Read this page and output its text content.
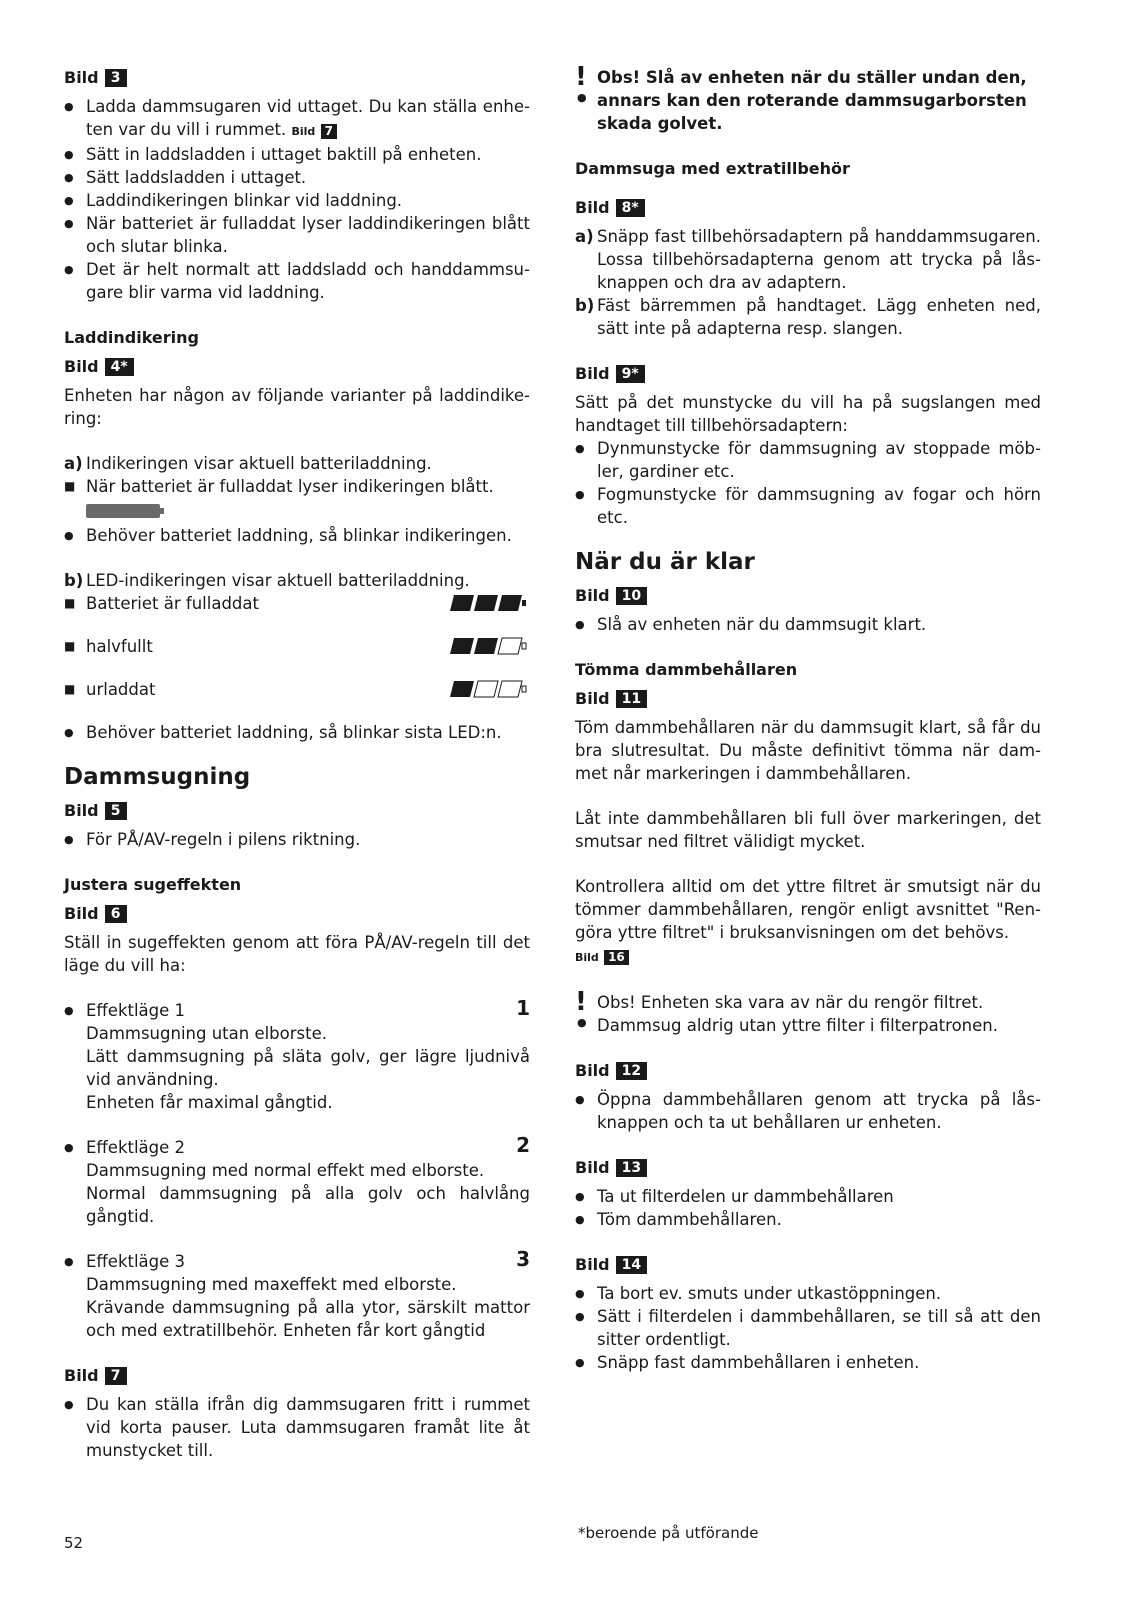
Bild 3
● Ladda dammsugaren vid uttaget. Du kan ställa enheten var du vill i rummet. Bild 7
● Sätt in laddsladden i uttaget baktill på enheten.
● Sätt laddsladden i uttaget.
● Laddindikeringen blinkar vid laddning.
● När batteriet är fulladdat lyser laddindikeringen blått och slutar blinka.
● Det är helt normalt att laddsladd och handdammsugare blir varma vid laddning.
Laddindikering
Bild 4*

Enheten har någon av följande varianter på laddindikering:

a) Indikeringen visar aktuell batteriladdning.
■ När batteriet är fulladdat lyser indikeringen blått.
● Behöver batteriet laddning, så blinkar indikeringen.
b) LED-indikeringen visar aktuell batteriladdning.
■ Batteriet är fulladdat
■ halvfullt
■ urladdat
● Behöver batteriet laddning, så blinkar sista LED:n.
Dammsugning
Bild 5
● För PÅ/AV-regeln i pilens riktning.
Justera sugeffekten
Bild 6

Ställ in sugeffekten genom att föra PÅ/AV-regeln till det läge du vill ha:

● 1
Effektläge 1
Dammsugning utan elborste.
Lätt dammsugning på släta golv, ger lägre ljudnivå vid användning.
Enheten får maximal gångtid.
● 2
Effektläge 2
Dammsugning med normal effekt med elborste.
Normal dammsugning på alla golv och halvlång gångtid.
● 3
Effektläge 3
Dammsugning med maxeffekt med elborste.
Krävande dammsugning på alla ytor, särskilt mattor och med extratillbehör. Enheten får kort gångtid
Bild 7
● Du kan ställa ifrån dig dammsugaren fritt i rummet vid korta pauser. Luta dammsugaren framåt lite åt munstycket till.
!
●

Obs! Slå av enheten när du ställer undan den, annars kan den roterande dammsugarborsten skada golvet.

Dammsuga med extratillbehör
Bild 8*
a) Snäpp fast tillbehörsadaptern på handdammsugaren. Lossa tillbehörsadapterna genom att trycka på låsknappen och dra av adaptern.

b) Fäst bärremmen på handtaget. Lägg enheten ned, sätt inte på adapterna resp. slangen.

Bild 9*

Sätt på det munstycke du vill ha på sugslangen med handtaget till tillbehörsadaptern:

● Dynmunstycke för dammsugning av stoppade möbler, gardiner etc.
● Fogmunstycke för dammsugning av fogar och hörn etc.
När du är klar
Bild 10
● Slå av enheten när du dammsugit klart.
Tömma dammbehållaren
Bild 11

Töm dammbehållaren när du dammsugit klart, så får du bra slutresultat. Du måste definitivt tömma när dammet når markeringen i dammbehållaren.

Låt inte dammbehållaren bli full över markeringen, det smutsar ned filtret välidigt mycket.

Kontrollera alltid om det yttre filtret är smutsigt när du tömmer dammbehållaren, rengör enligt avsnittet "Rengöra yttre filtret" i bruksanvisningen om det behövs.
Bild 16

!
●
Obs! Enheten ska vara av när du rengör filtret.
Dammsug aldrig utan yttre filter i filterpatronen.
Bild 12
● Öppna dammbehållaren genom att trycka på låsknappen och ta ut behållaren ur enheten.
Bild 13
● Ta ut filterdelen ur dammbehållaren
● Töm dammbehållaren.
Bild 14
● Ta bort ev. smuts under utkastöppningen.
● Sätt i filterdelen i dammbehållaren, se till så att den sitter ordentligt.
● Snäpp fast dammbehållaren i enheten.
52
*beroende på utförande
